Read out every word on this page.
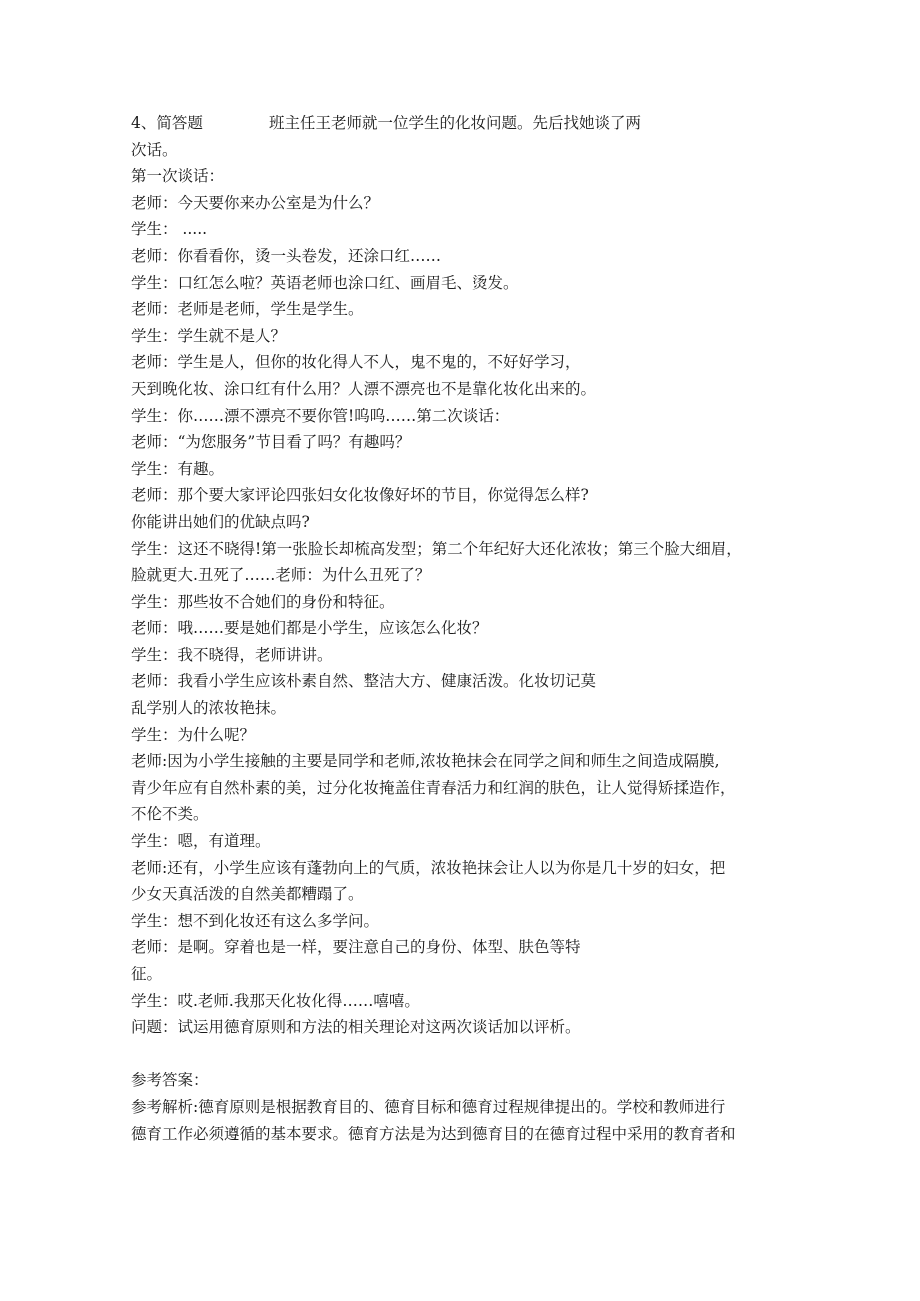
4、简答题	班主任王老师就一位学生的化妆问题。先后找她谈了两
次话。
第一次谈话：
老师：今天要你来办公室是为什么？
学生： .....
老师：你看看你，烫一头卷发，还涂口红……
学生：口红怎么啦？英语老师也涂口红、画眉毛、烫发。
老师：老师是老师，学生是学生。
学生：学生就不是人？
老师：学生是人，但你的妆化得人不人，鬼不鬼的，不好好学习，
天到晚化妆、涂口红有什么用？人漂不漂亮也不是靠化妆化出来的。
学生：你……漂不漂亮不要你管!呜呜……第二次谈话：
老师：“为您服务”节目看了吗？有趣吗？
学生：有趣。
老师：那个要大家评论四张妇女化妆像好坏的节目，你觉得怎么样?
你能讲出她们的优缺点吗?
学生：这还不晓得!第一张脸长却梳高发型；第二个年纪好大还化浓妆；第三个脸大细眉，
脸就更大.丑死了……老师：为什么丑死了？
学生：那些妆不合她们的身份和特征。
老师：哦……要是她们都是小学生，应该怎么化妆？
学生：我不晓得，老师讲讲。
老师：我看小学生应该朴素自然、整洁大方、健康活泼。化妆切记莫
乱学别人的浓妆艳抹。
学生：为什么呢？
老师:因为小学生接触的主要是同学和老师,浓妆艳抹会在同学之间和师生之间造成隔膜,
青少年应有自然朴素的美，过分化妆掩盖住青春活力和红润的肤色，让人觉得矫揉造作，
不伦不类。
学生：嗯，有道理。
老师:还有，小学生应该有蓬勃向上的气质，浓妆艳抹会让人以为你是几十岁的妇女，把
少女天真活泼的自然美都糟蹋了。
学生：想不到化妆还有这么多学问。
老师：是啊。穿着也是一样，要注意自己的身份、体型、肤色等特
征。
学生：哎.老师.我那天化妆化得……嘻嘻。
问题：试运用德育原则和方法的相关理论对这两次谈话加以评析。
参考答案：
参考解析:德育原则是根据教育目的、德育目标和德育过程规律提出的。学校和教师进行
德育工作必须遵循的基本要求。德育方法是为达到德育目的在德育过程中采用的教育者和
